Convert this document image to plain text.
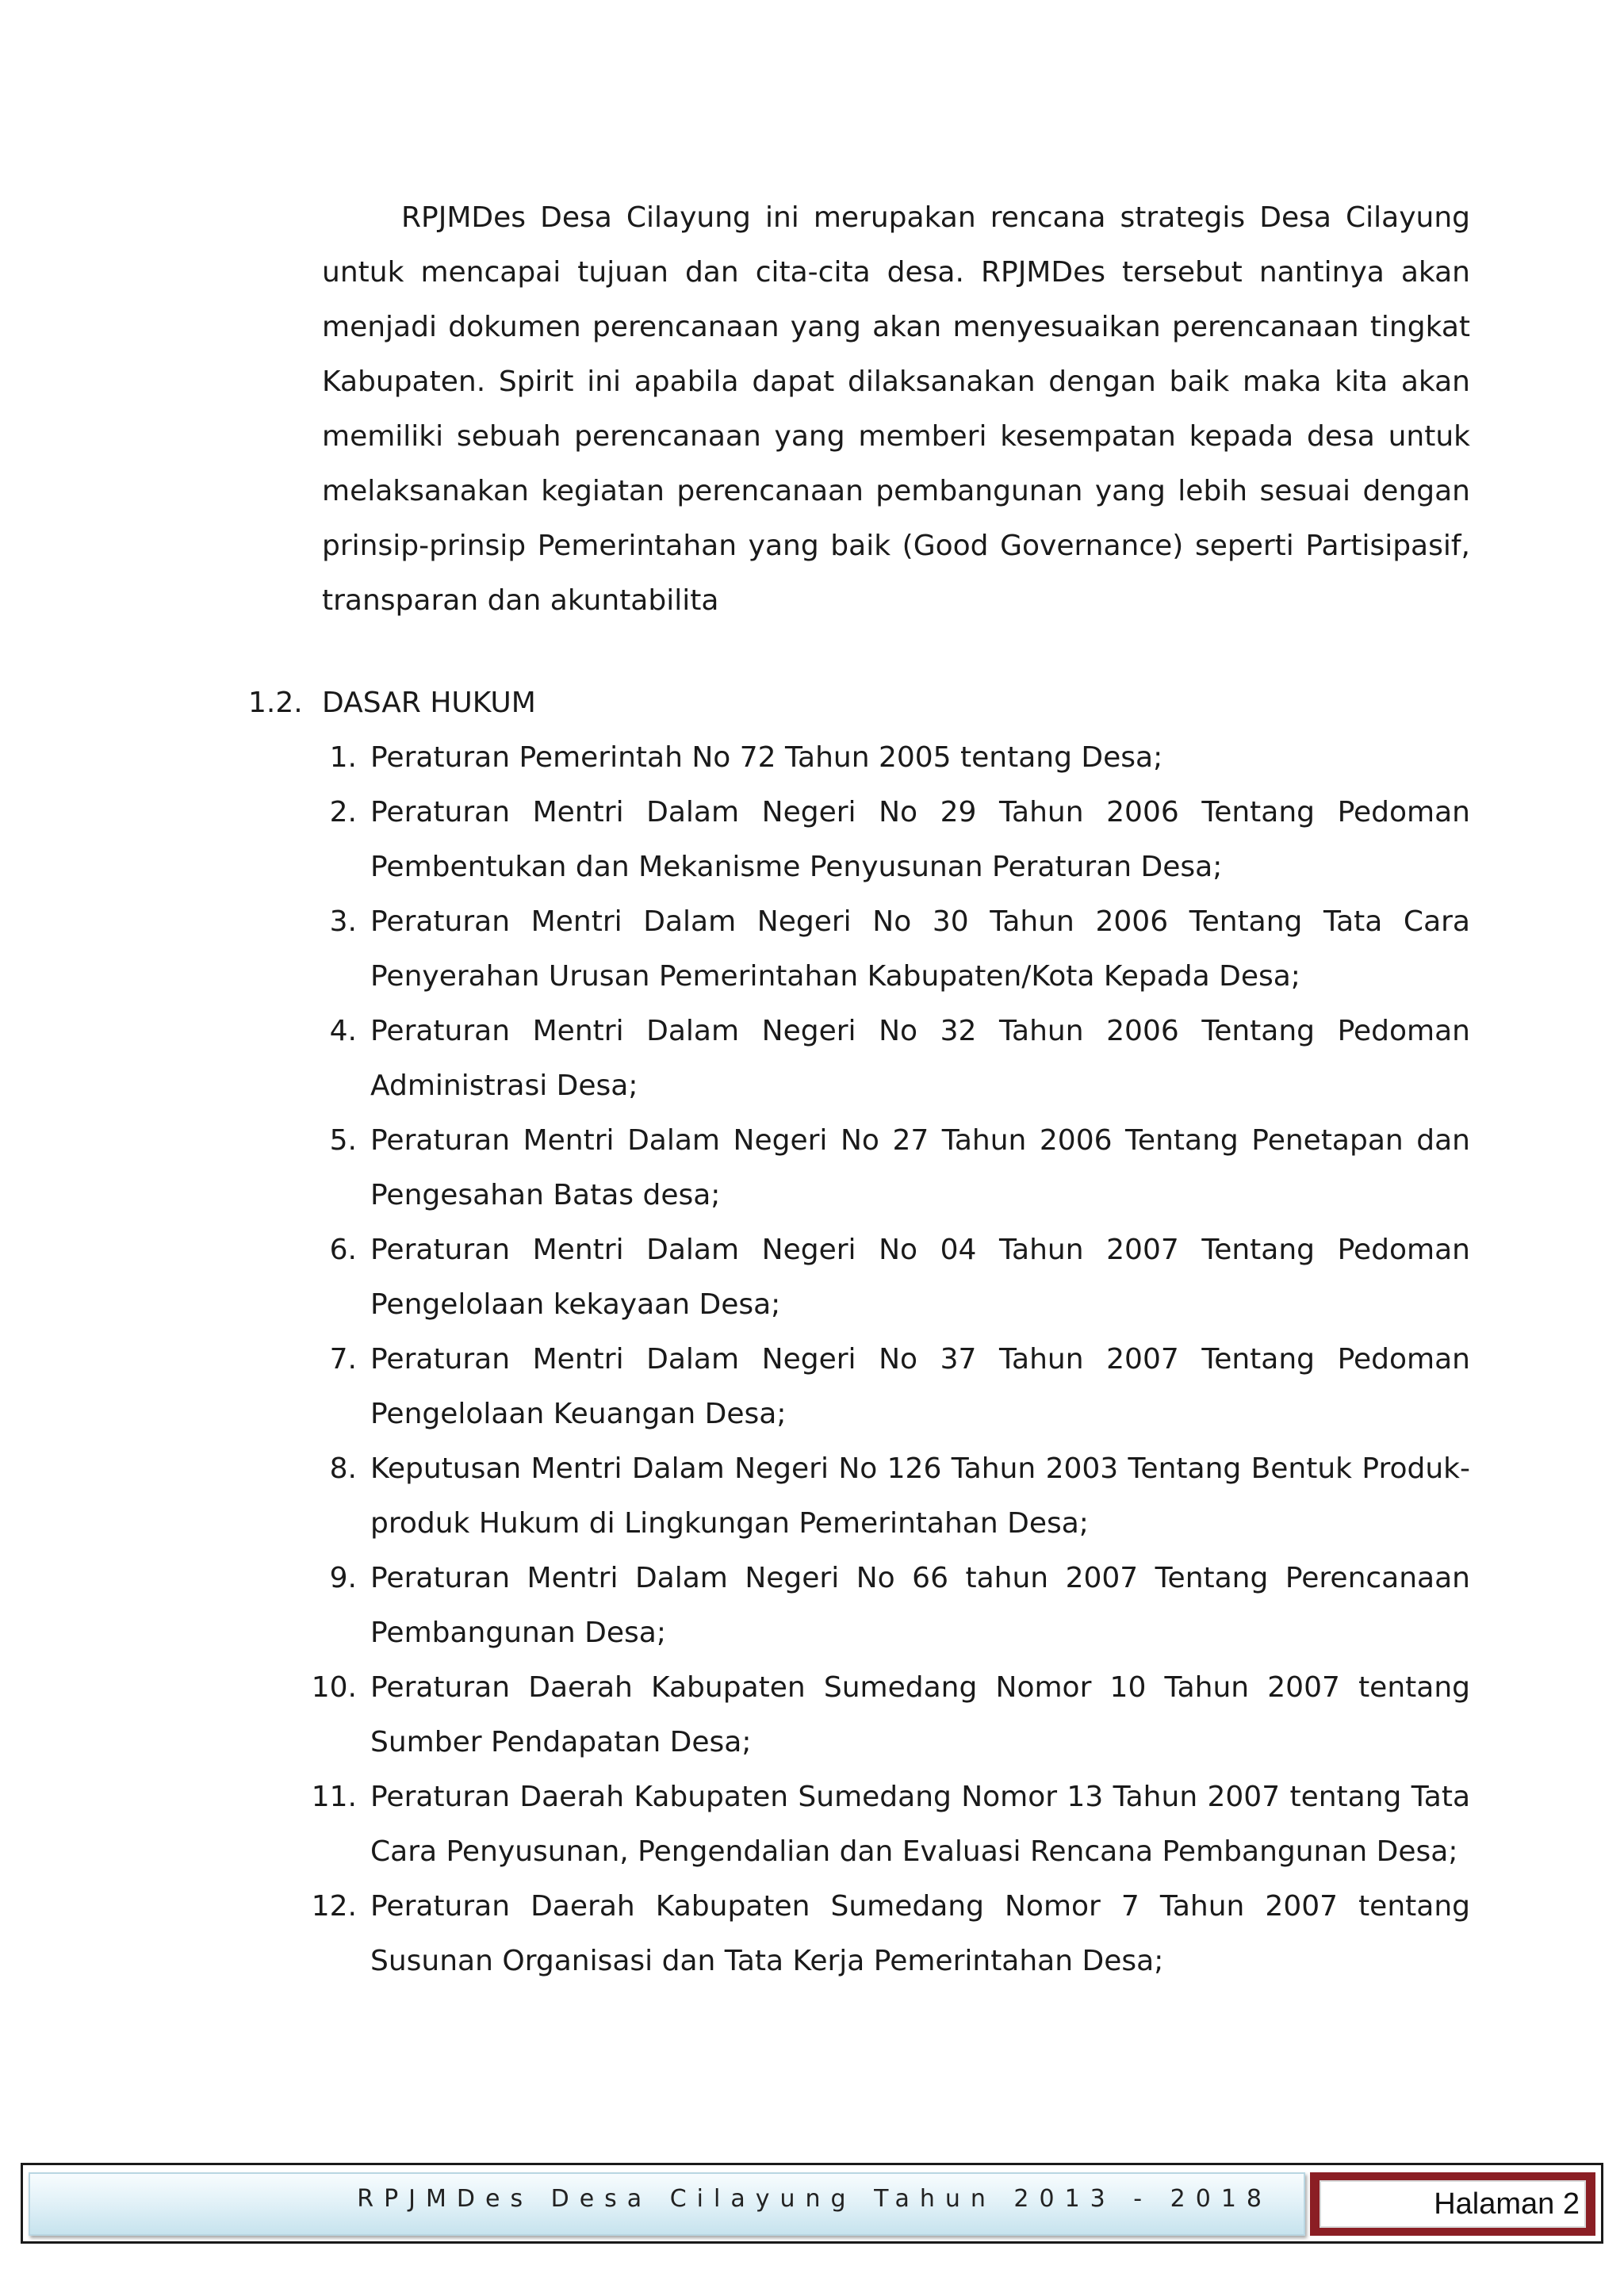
RPJMDes Desa Cilayung ini merupakan rencana strategis Desa Cilayung untuk mencapai tujuan dan cita-cita desa. RPJMDes tersebut nantinya akan menjadi dokumen perencanaan yang akan menyesuaikan perencanaan tingkat Kabupaten. Spirit ini apabila dapat dilaksanakan dengan baik maka kita akan memiliki sebuah perencanaan yang memberi kesempatan kepada desa untuk melaksanakan kegiatan perencanaan pembangunan yang lebih sesuai dengan prinsip-prinsip Pemerintahan yang baik (Good Governance) seperti Partisipasif, transparan dan akuntabilita

1.2. DASAR HUKUM
1. Peraturan Pemerintah No 72 Tahun 2005 tentang Desa;
2. Peraturan Mentri Dalam Negeri No 29 Tahun 2006 Tentang Pedoman Pembentukan dan Mekanisme Penyusunan Peraturan Desa;
3. Peraturan Mentri Dalam Negeri No 30 Tahun 2006 Tentang Tata Cara Penyerahan Urusan Pemerintahan Kabupaten/Kota Kepada Desa;
4. Peraturan Mentri Dalam Negeri No 32 Tahun 2006 Tentang Pedoman Administrasi Desa;
5. Peraturan Mentri Dalam Negeri No 27 Tahun 2006 Tentang Penetapan dan Pengesahan Batas desa;
6. Peraturan Mentri Dalam Negeri No 04 Tahun 2007 Tentang Pedoman Pengelolaan kekayaan Desa;
7. Peraturan Mentri Dalam Negeri No 37 Tahun 2007 Tentang Pedoman Pengelolaan Keuangan Desa;
8. Keputusan Mentri Dalam Negeri No 126 Tahun 2003 Tentang Bentuk Produk-produk Hukum di Lingkungan Pemerintahan Desa;
9. Peraturan Mentri Dalam Negeri No 66 tahun 2007 Tentang Perencanaan Pembangunan Desa;
10. Peraturan Daerah Kabupaten Sumedang Nomor 10 Tahun 2007 tentang Sumber Pendapatan Desa;
11. Peraturan Daerah Kabupaten Sumedang Nomor 13 Tahun 2007 tentang Tata Cara Penyusunan, Pengendalian dan Evaluasi Rencana Pembangunan Desa;
12. Peraturan Daerah Kabupaten Sumedang Nomor 7 Tahun 2007 tentang Susunan Organisasi dan Tata Kerja Pemerintahan Desa;
RPJMDes Desa Cilayung Tahun 2013 - 2018	Halaman 2
